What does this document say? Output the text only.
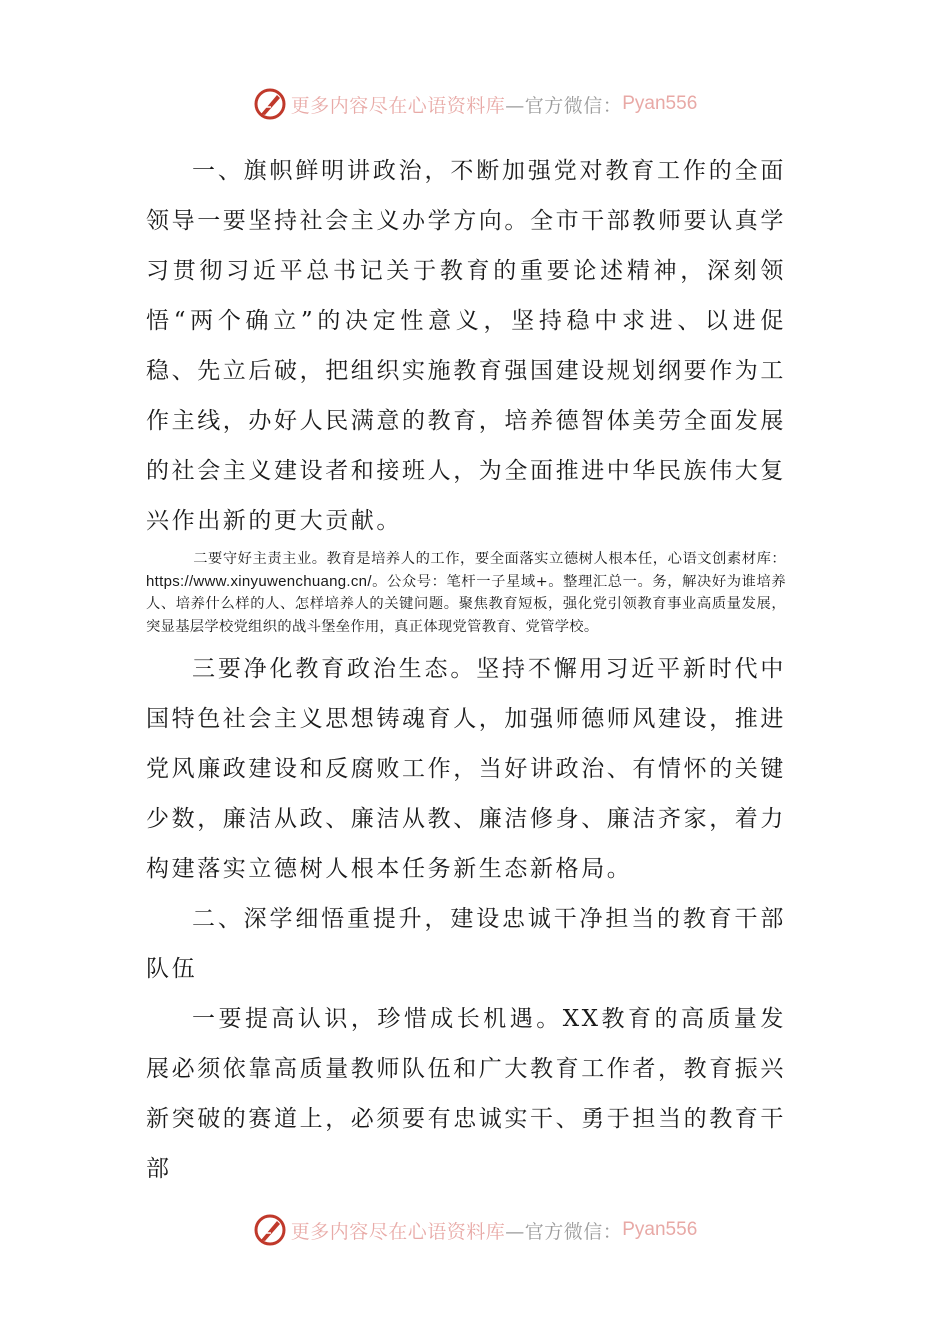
更多内容尽在心语资料库 —官方微信： Pyan556

一、旗帜鲜明讲政治，不断加强党对教育工作的全面领导一要坚持社会主义办学方向。全市干部教师要认真学习贯彻习近平总书记关于教育的重要论述精神，深刻领悟“两个确立”的决定性意义，坚持稳中求进、以进促稳、先立后破，把组织实施教育强国建设规划纲要作为工作主线，办好人民满意的教育，培养德智体美劳全面发展的社会主义建设者和接班人，为全面推进中华民族伟大复兴作出新的更大贡献。

二要守好主责主业。教育是培养人的工作，要全面落实立德树人根本任，心语文创素材库：https://www.xinyuwenchuang.cn/。公众号：笔杆一子星域+。整理汇总一。务，解决好为谁培养人、培养什么样的人、怎样培养人的关键问题。聚焦教育短板，强化党引领教育事业高质量发展，突显基层学校党组织的战斗堡垒作用，真正体现党管教育、党管学校。

三要净化教育政治生态。坚持不懈用习近平新时代中国特色社会主义思想铸魂育人，加强师德师风建设，推进党风廉政建设和反腐败工作，当好讲政治、有情怀的关键少数，廉洁从政、廉洁从教、廉洁修身、廉洁齐家，着力构建落实立德树人根本任务新生态新格局。

二、深学细悟重提升，建设忠诚干净担当的教育干部队伍

一要提高认识，珍惜成长机遇。XX教育的高质量发展必须依靠高质量教师队伍和广大教育工作者，教育振兴新突破的赛道上，必须要有忠诚实干、勇于担当的教育干部

更多内容尽在心语资料库 —官方微信： Pyan556
